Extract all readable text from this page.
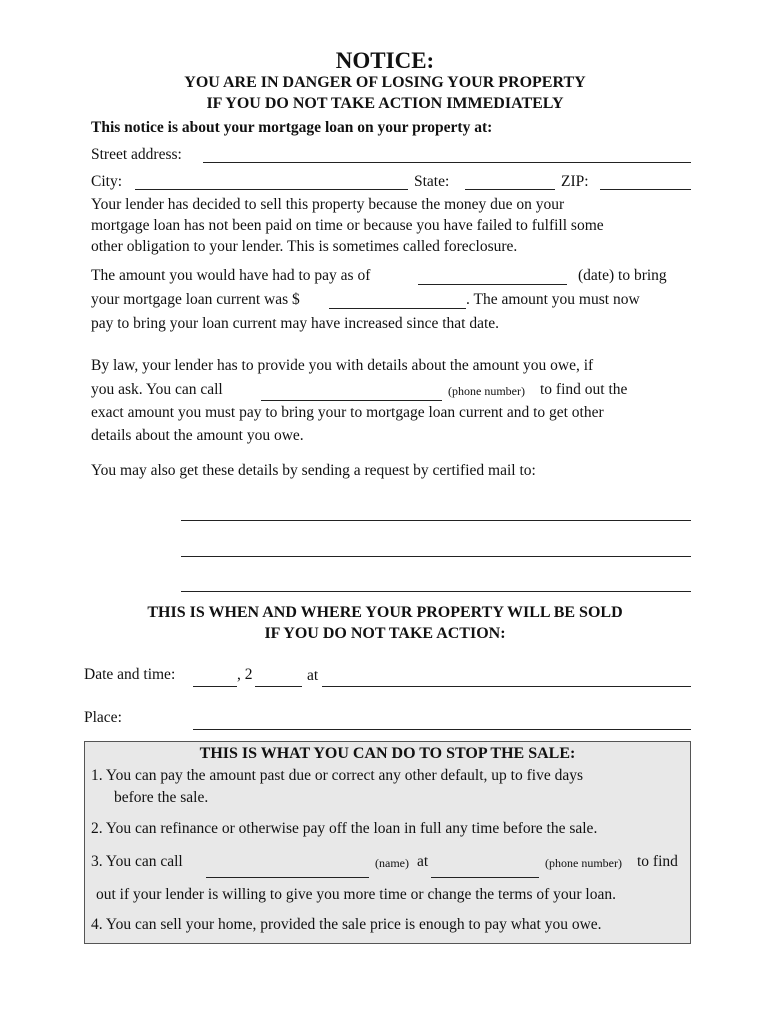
NOTICE:
YOU ARE IN DANGER OF LOSING YOUR PROPERTY
IF YOU DO NOT TAKE ACTION IMMEDIATELY
This notice is about your mortgage loan on your property at:
Street address:
City:	State:	ZIP:
Your lender has decided to sell this property because the money due on your
mortgage loan has not been paid on time or because you have failed to fulfill some
other obligation to your lender. This is sometimes called foreclosure.
The amount you would have had to pay as of	(date) to bring
your mortgage loan current was $	. The amount you must now
pay to bring your loan current may have increased since that date.
By law, your lender has to provide you with details about the amount you owe, if
you ask. You can call	(phone number) to find out the
exact amount you must pay to bring your to mortgage loan current and to get other
details about the amount you owe.
You may also get these details by sending a request by certified mail to:
THIS IS WHEN AND WHERE YOUR PROPERTY WILL BE SOLD
IF YOU DO NOT TAKE ACTION:
Date and time:	, 2	at
Place:
THIS IS WHAT YOU CAN DO TO STOP THE SALE:
1. You can pay the amount past due or correct any other default, up to five days
before the sale.
2. You can refinance or otherwise pay off the loan in full any time before the sale.
3. You can call	(name) at	(phone number) to find
out if your lender is willing to give you more time or change the terms of your loan.
4. You can sell your home, provided the sale price is enough to pay what you owe.
